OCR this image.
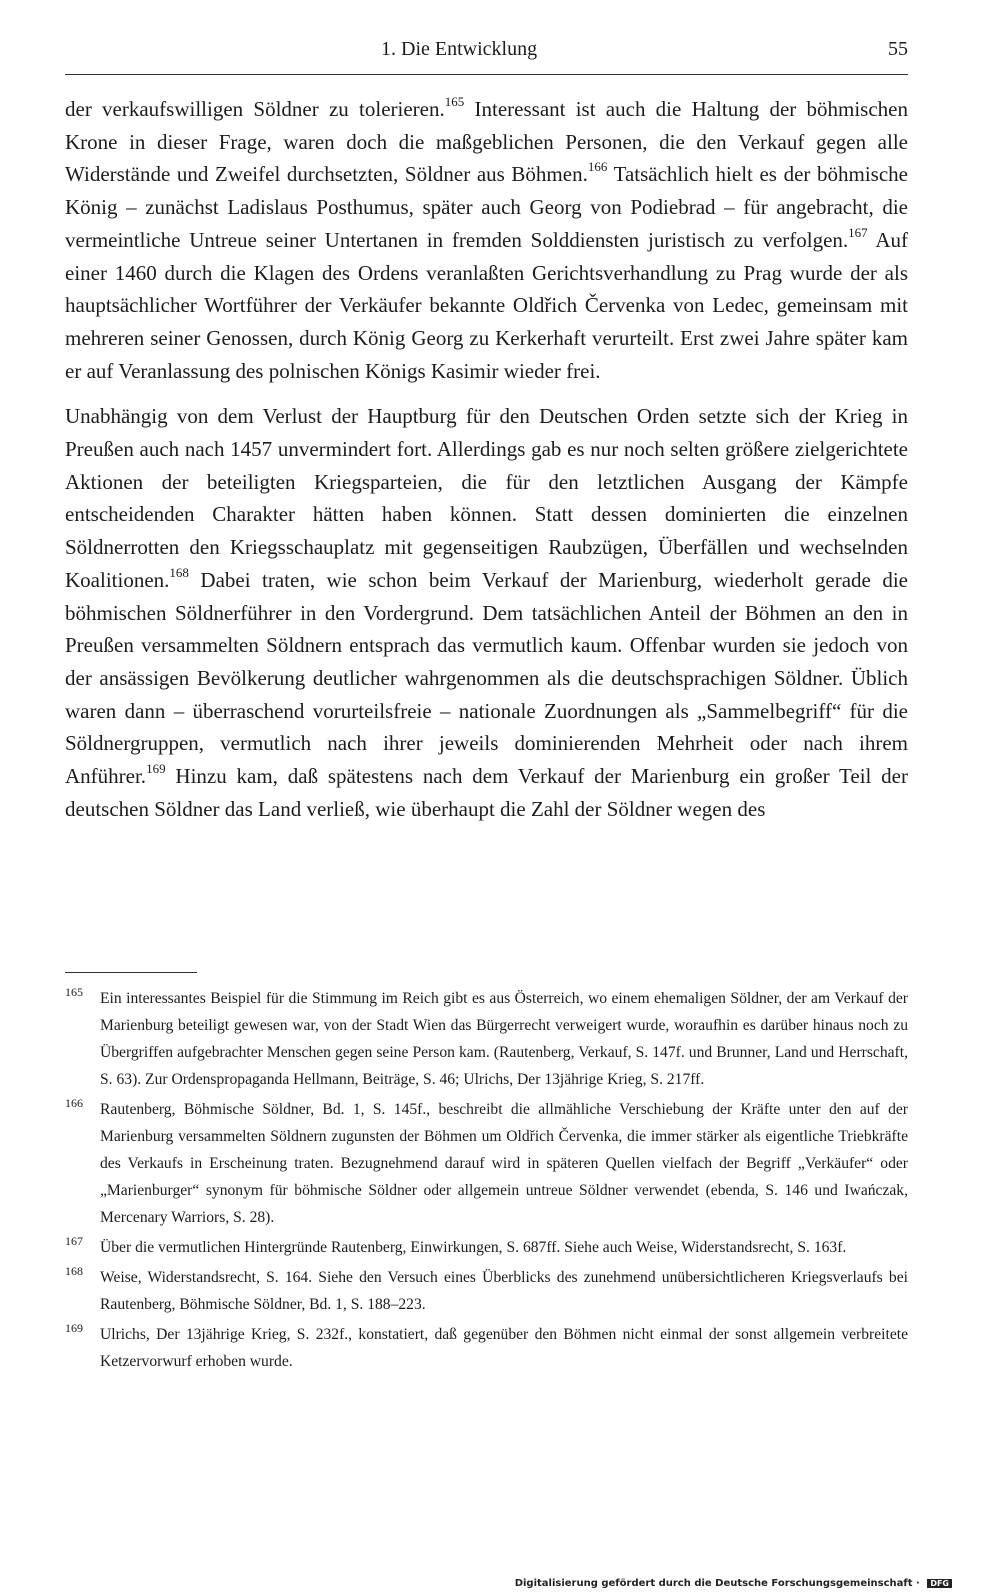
1. Die Entwicklung	55

der verkaufswilligen Söldner zu tolerieren.$^{165}$ Interessant ist auch die Haltung der böhmischen Krone in dieser Frage, waren doch die maßgeblichen Personen, die den Verkauf gegen alle Widerstände und Zweifel durchsetzten, Söldner aus Böhmen.$^{166}$ Tatsächlich hielt es der böhmische König – zunächst Ladislaus Posthumus, später auch Georg von Podiebrad – für angebracht, die vermeintliche Untreue seiner Untertanen in fremden Solddiensten juristisch zu verfolgen.$^{167}$ Auf einer 1460 durch die Klagen des Ordens veranlaßten Gerichtsverhandlung zu Prag wurde der als hauptsächlicher Wortführer der Verkäufer bekannte Oldřich Červenka von Ledec, gemeinsam mit mehreren seiner Genossen, durch König Georg zu Kerkerhaft verurteilt. Erst zwei Jahre später kam er auf Veranlassung des polnischen Königs Kasimir wieder frei.

Unabhängig von dem Verlust der Hauptburg für den Deutschen Orden setzte sich der Krieg in Preußen auch nach 1457 unvermindert fort. Allerdings gab es nur noch selten größere zielgerichtete Aktionen der beteiligten Kriegsparteien, die für den letztlichen Ausgang der Kämpfe entscheidenden Charakter hätten haben können. Statt dessen dominierten die einzelnen Söldnerrotten den Kriegsschauplatz mit gegenseitigen Raubzügen, Überfällen und wechselnden Koalitionen.$^{168}$ Dabei traten, wie schon beim Verkauf der Marienburg, wiederholt gerade die böhmischen Söldnerführer in den Vordergrund. Dem tatsächlichen Anteil der Böhmen an den in Preußen versammelten Söldnern entsprach das vermutlich kaum. Offenbar wurden sie jedoch von der ansässigen Bevölkerung deutlicher wahrgenommen als die deutschsprachigen Söldner. Üblich waren dann – überraschend vorurteilsfreie – nationale Zuordnungen als „Sammelbegriff“ für die Söldnergruppen, vermutlich nach ihrer jeweils dominierenden Mehrheit oder nach ihrem Anführer.$^{169}$ Hinzu kam, daß spätestens nach dem Verkauf der Marienburg ein großer Teil der deutschen Söldner das Land verließ, wie überhaupt die Zahl der Söldner wegen des

165 Ein interessantes Beispiel für die Stimmung im Reich gibt es aus Österreich, wo einem ehemaligen Söldner, der am Verkauf der Marienburg beteiligt gewesen war, von der Stadt Wien das Bürgerrecht verweigert wurde, woraufhin es darüber hinaus noch zu Übergriffen aufgebrachter Menschen gegen seine Person kam. (Rautenberg, Verkauf, S. 147f. und Brunner, Land und Herrschaft, S. 63). Zur Ordenspropaganda Hellmann, Beiträge, S. 46; Ulrichs, Der 13jährige Krieg, S. 217ff.
166 Rautenberg, Böhmische Söldner, Bd. 1, S. 145f., beschreibt die allmähliche Verschiebung der Kräfte unter den auf der Marienburg versammelten Söldnern zugunsten der Böhmen um Oldřich Červenka, die immer stärker als eigentliche Triebkräfte des Verkaufs in Erscheinung traten. Bezugnehmend darauf wird in späteren Quellen vielfach der Begriff „Verkäufer“ oder „Marienburger“ synonym für böhmische Söldner oder allgemein untreue Söldner verwendet (ebenda, S. 146 und Iwańczak, Mercenary Warriors, S. 28).
167 Über die vermutlichen Hintergründe Rautenberg, Einwirkungen, S. 687ff. Siehe auch Weise, Widerstandsrecht, S. 163f.
168 Weise, Widerstandsrecht, S. 164. Siehe den Versuch eines Überblicks des zunehmend unübersichtlicheren Kriegsverlaufs bei Rautenberg, Böhmische Söldner, Bd. 1, S. 188–223.
169 Ulrichs, Der 13jährige Krieg, S. 232f., konstatiert, daß gegenüber den Böhmen nicht einmal der sonst allgemein verbreitete Ketzervorwurf erhoben wurde.
Digitalisierung gefördert durch die Deutsche Forschungsgemeinschaft · DFG
